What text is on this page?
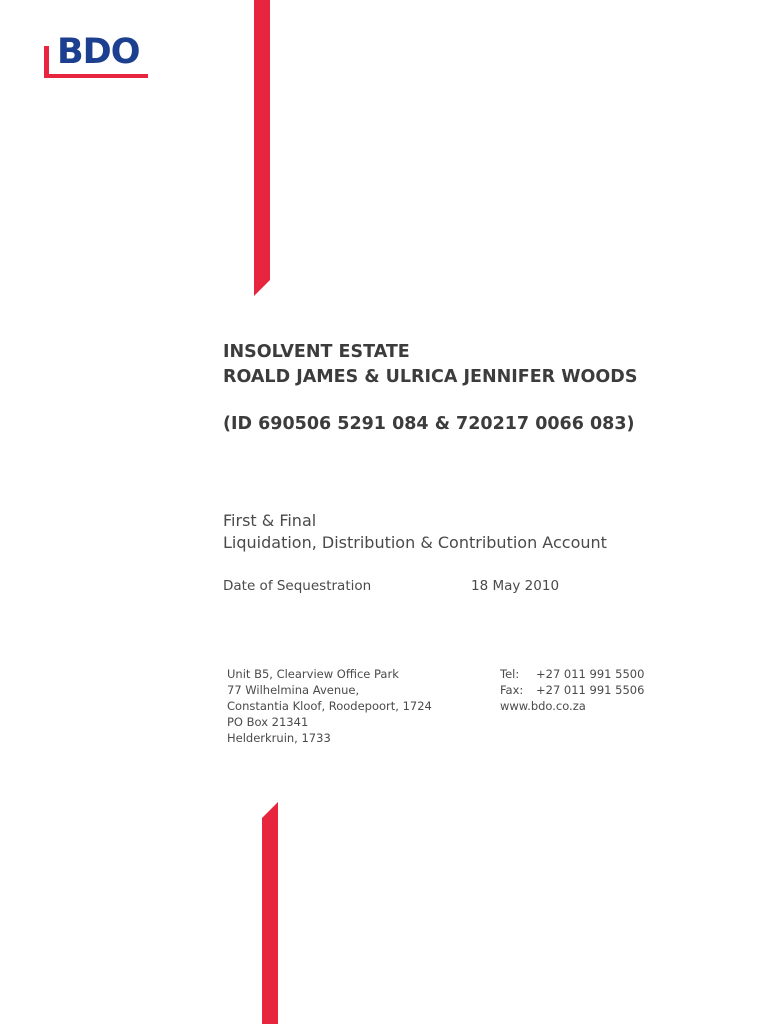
BDO
INSOLVENT ESTATE
ROALD JAMES & ULRICA JENNIFER WOODS
(ID 690506 5291 084 & 720217 0066 083)
First & Final
Liquidation, Distribution & Contribution Account
Date of Sequestration	18 May 2010
Unit B5, Clearview Office Park
77 Wilhelmina Avenue,
Constantia Kloof, Roodepoort, 1724
PO Box 21341
Helderkruin, 1733
Tel: +27 011 991 5500
Fax: +27 011 991 5506
www.bdo.co.za
